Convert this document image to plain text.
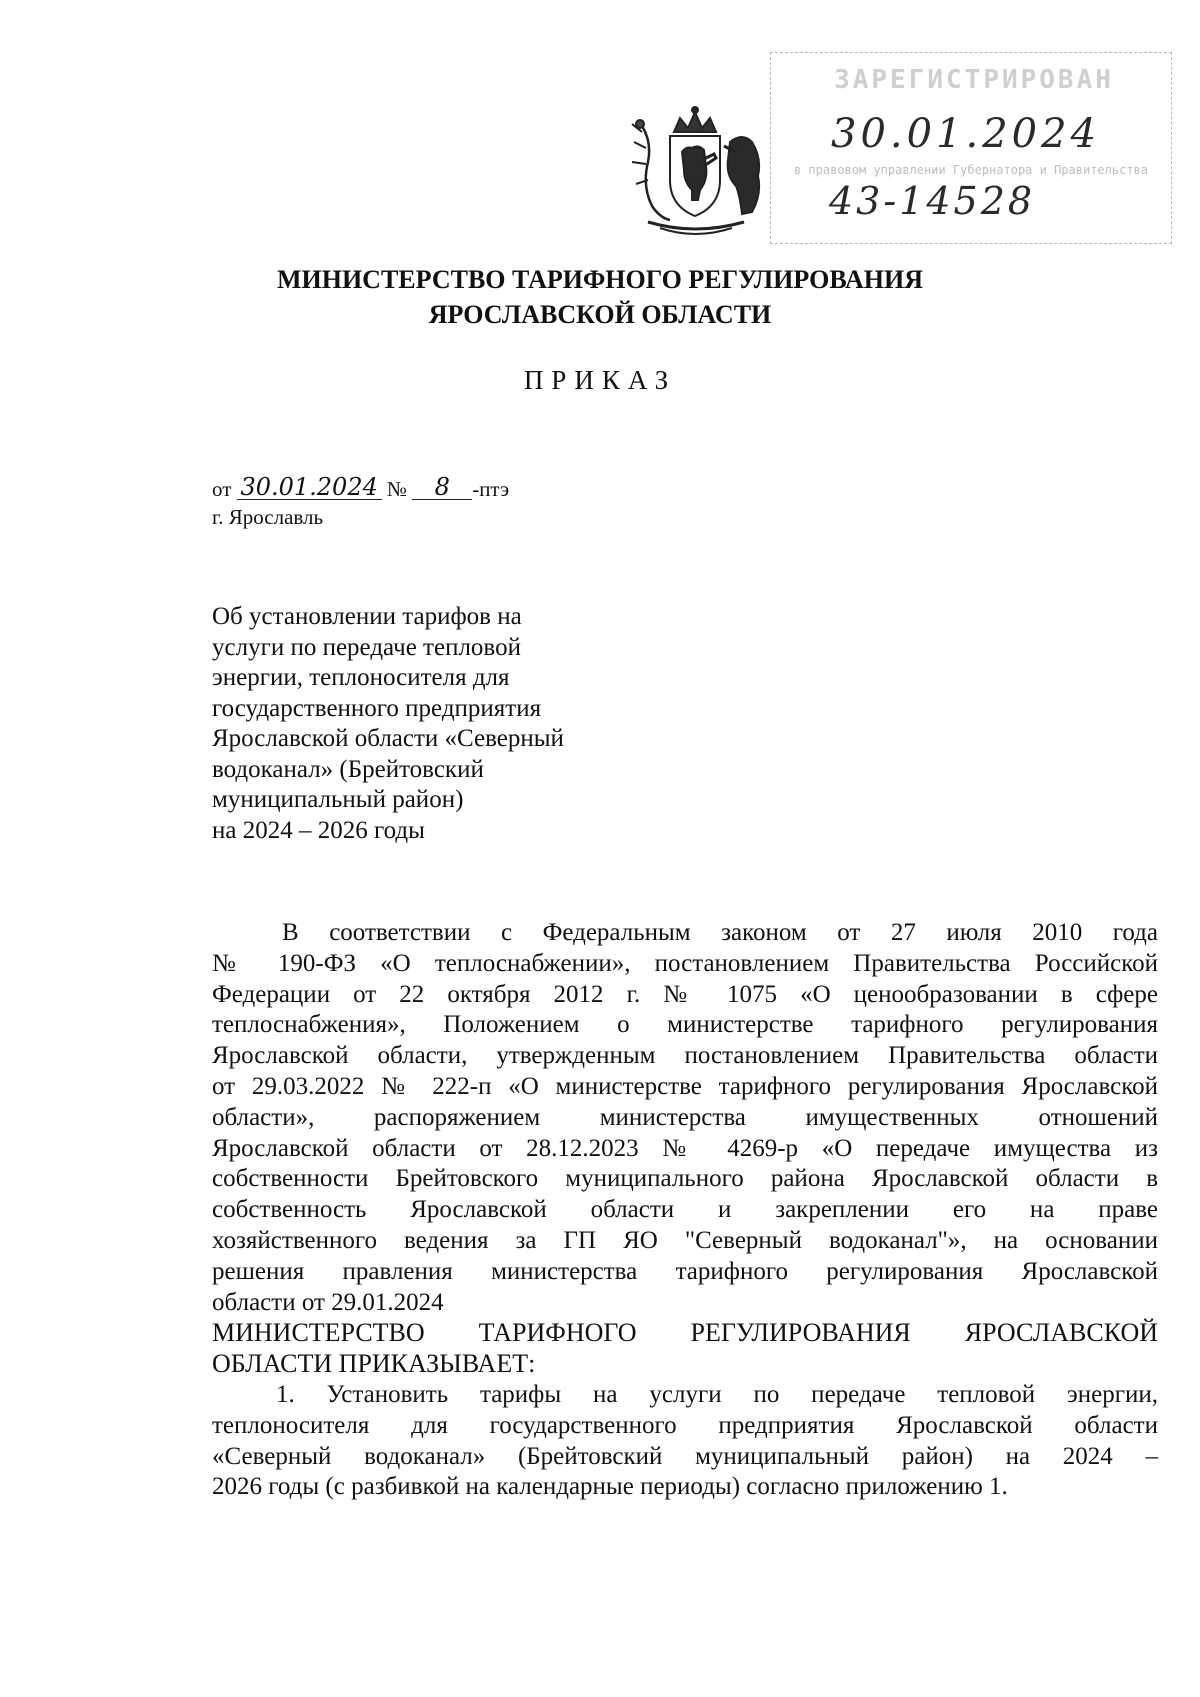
ЗАРЕГИСТРИРОВАН
30.01.2024
в правовом управлении Губернатора и Правительства
43-14528
МИНИСТЕРСТВО ТАРИФНОГО РЕГУЛИРОВАНИЯ
ЯРОСЛАВСКОЙ ОБЛАСТИ
ПРИКАЗ
от 30.01.2024 № 8 -птэ
г. Ярославль
Об установлении тарифов на
услуги по передаче тепловой
энергии, теплоносителя для
государственного предприятия
Ярославской области «Северный
водоканал» (Брейтовский
муниципальный район)
на 2024 – 2026 годы
В соответствии с Федеральным законом от 27 июля 2010 года
№ 190-ФЗ «О теплоснабжении», постановлением Правительства Российской
Федерации от 22 октября 2012 г. № 1075 «О ценообразовании в сфере
теплоснабжения», Положением о министерстве тарифного регулирования
Ярославской области, утвержденным постановлением Правительства области
от 29.03.2022 № 222-п «О министерстве тарифного регулирования Ярославской
области», распоряжением министерства имущественных отношений
Ярославской области от 28.12.2023 № 4269-р «О передаче имущества из
собственности Брейтовского муниципального района Ярославской области в
собственность Ярославской области и закреплении его на праве
хозяйственного ведения за ГП ЯО "Северный водоканал"», на основании
решения правления министерства тарифного регулирования Ярославской
области от 29.01.2024
МИНИСТЕРСТВО ТАРИФНОГО РЕГУЛИРОВАНИЯ ЯРОСЛАВСКОЙ
ОБЛАСТИ ПРИКАЗЫВАЕТ:
1. Установить тарифы на услуги по передаче тепловой энергии,
теплоносителя для государственного предприятия Ярославской области
«Северный водоканал» (Брейтовский муниципальный район) на 2024 –
2026 годы (с разбивкой на календарные периоды) согласно приложению 1.
